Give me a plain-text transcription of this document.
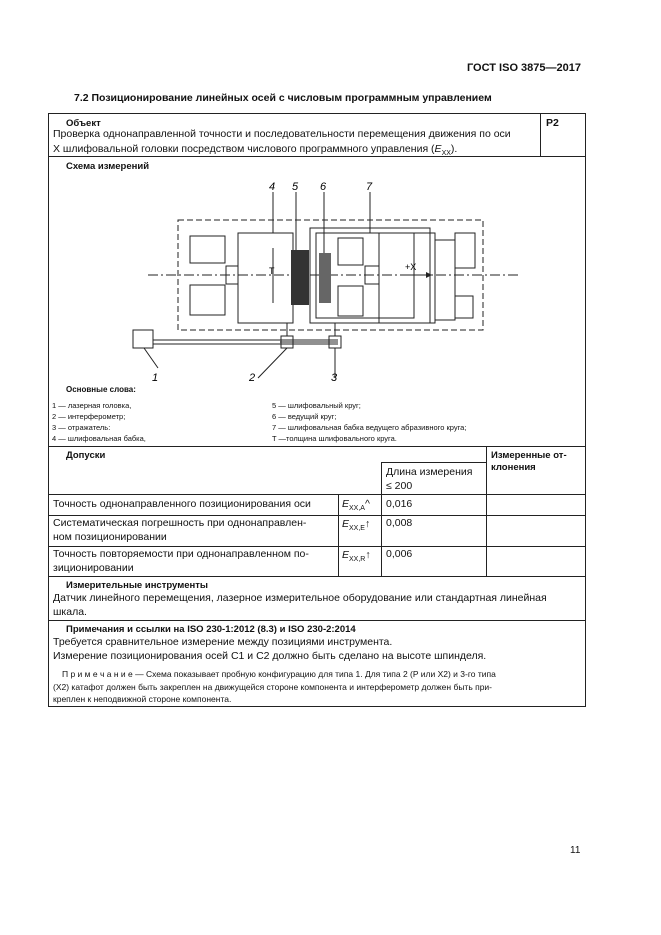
ГОСТ ISO 3875—2017
7.2 Позиционирование линейных осей с числовым программным управлением
Объект	P2
Проверка однонаправленной точности и последовательности перемещения движения по оси
X шлифовальной головки посредством числового программного управления $(E_{XX})$.
Схема измерений
+X
T
4 5 6	7
1	2	3
Основные слова:
1 — лазерная головка,
2 — интерферометр;
3 — отражатель:
4 — шлифовальная бабка,
5 — шлифовальный круг;
6 — ведущий круг;
7 — шлифовальная бабка ведущего абразивного круга;
T —толщина шлифовального круга.
Допуски	Измеренные от-
клонения
Длина измерения
≤ 200
Точность однонаправленного позиционирования оси	$E_{XX,A}\^{}$ 0,016
Систематическая погрешность при однонаправлен-
ном позиционировании
$E_{XX,E}↑$ 0,008
Точность повторяемости при однонаправленном по-
зиционировании
$E_{XX,R}↑$ 0,006
Измерительные инструменты
Датчик линейного перемещения, лазерное измерительное оборудование или стандартная линейная
шкала.
Примечания и ссылки на ISO 230-1:2012 (8.3) и ISO 230-2:2014
Требуется сравнительное измерение между позициями инструмента.
Измерение позиционирования осей C1 и C2 должно быть сделано на высоте шпинделя.
П р и м е ч а н и е — Схема показывает пробную конфигурацию для типа 1. Для типа 2 (P или X2) и 3-го типа
(X2) катафот должен быть закреплен на движущейся стороне компонента и интерферометр должен быть при-
креплен к неподвижной стороне компонента.
11
